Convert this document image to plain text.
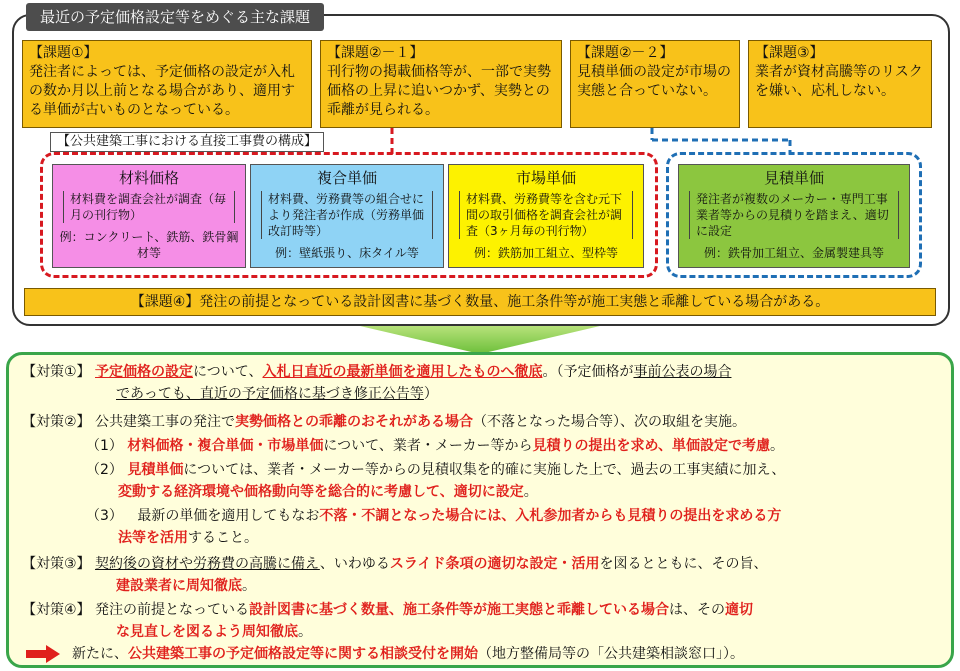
最近の予定価格設定等をめぐる主な課題
【課題①】
発注者によっては、予定価格の設定が入札の数か月以上前となる場合があり、適用する単価が古いものとなっている。
【課題②－１】
刊行物の掲載価格等が、一部で実勢価格の上昇に追いつかず、実勢との乖離が見られる。
【課題②－２】
見積単価の設定が市場の実態と合っていない。
【課題③】
業者が資材高騰等のリスクを嫌い、応札しない。
【公共建築工事における直接工事費の構成】
材料価格
材料費を調査会社が調査（毎月の刊行物）
例：コンクリート、鉄筋、鉄骨鋼材等
複合単価
材料費、労務費等の組合せにより発注者が作成（労務単価改訂時等）
例：壁紙張り、床タイル等
市場単価
材料費、労務費等を含む元下間の取引価格を調査会社が調査（3ヶ月毎の刊行物）
例：鉄筋加工組立、型枠等
見積単価
発注者が複数のメーカー・専門工事業者等からの見積りを踏まえ、適切に設定
例：鉄骨加工組立、金属製建具等
【課題④】発注の前提となっている設計図書に基づく数量、施工条件等が施工実態と乖離している場合がある。
【対策①】 予定価格の設定について、入札日直近の最新単価を適用したものへ徹底。（予定価格が事前公表の場合
であっても、直近の予定価格に基づき修正公告等）
【対策②】 公共建築工事の発注で実勢価格との乖離のおそれがある場合（不落となった場合等）、次の取組を実施。
（1） 材料価格・複合単価・市場単価について、業者・メーカー等から見積りの提出を求め、単価設定で考慮。
（2） 見積単価については、業者・メーカー等からの見積収集を的確に実施した上で、過去の工事実績に加え、
変動する経済環境や価格動向等を総合的に考慮して、適切に設定。
（3） 最新の単価を適用してもなお不落・不調となった場合には、入札参加者からも見積りの提出を求める方
法等を活用すること。
【対策③】 契約後の資材や労務費の高騰に備え、いわゆるスライド条項の適切な設定・活用を図るとともに、その旨、
建設業者に周知徹底。
【対策④】 発注の前提となっている設計図書に基づく数量、施工条件等が施工実態と乖離している場合は、その適切
な見直しを図るよう周知徹底。
新たに、公共建築工事の予定価格設定等に関する相談受付を開始（地方整備局等の「公共建築相談窓口」）。
